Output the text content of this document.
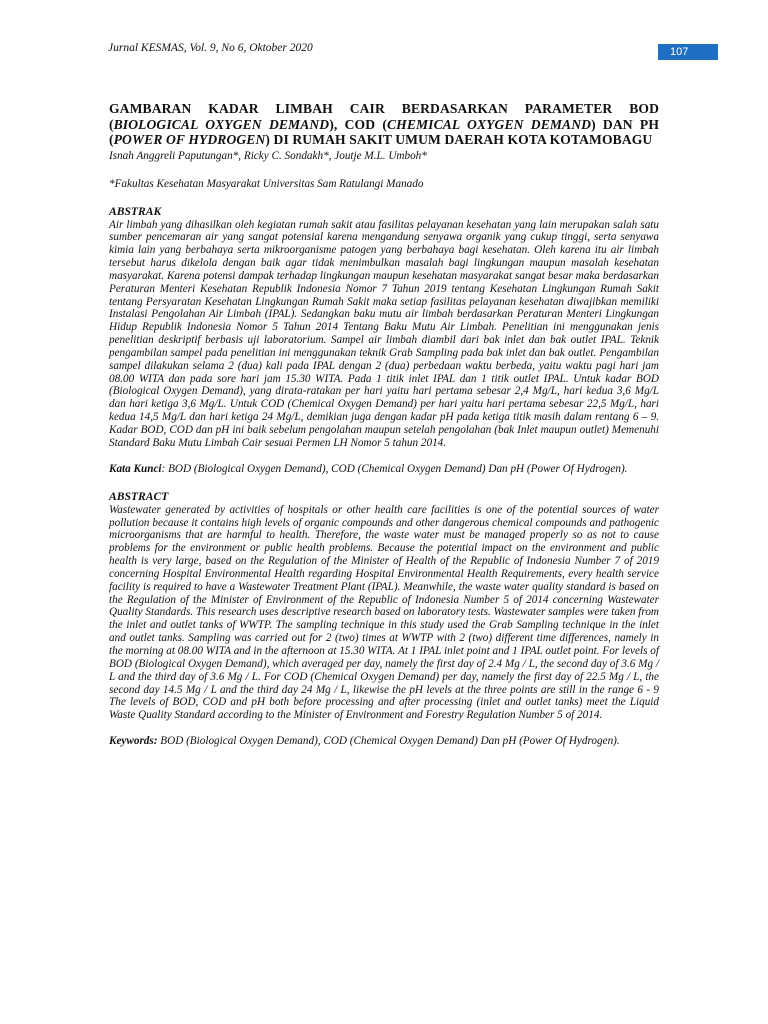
Jurnal KESMAS, Vol. 9, No 6, Oktober 2020	107
GAMBARAN KADAR LIMBAH CAIR BERDASARKAN PARAMETER BOD (BIOLOGICAL OXYGEN DEMAND), COD (CHEMICAL OXYGEN DEMAND) DAN PH (POWER OF HYDROGEN) DI RUMAH SAKIT UMUM DAERAH KOTA KOTAMOBAGU

Isnah Anggreli Paputungan*, Ricky C. Sondakh*, Joutje M.L. Umboh*

*Fakultas Kesehatan Masyarakat Universitas Sam Ratulangi Manado

ABSTRAK

Air limbah yang dihasilkan oleh kegiatan rumah sakit atau fasilitas pelayanan kesehatan yang lain merupakan salah satu sumber pencemaran air yang sangat potensial karena mengandung senyawa organik yang cukup tinggi, serta senyawa kimia lain yang berbahaya serta mikroorganisme patogen yang berbahaya bagi kesehatan. Oleh karena itu air limbah tersebut harus dikelola dengan baik agar tidak menimbulkan masalah bagi lingkungan maupun masalah kesehatan masyarakat. Karena potensi dampak terhadap lingkungan maupun kesehatan masyarakat sangat besar maka berdasarkan Peraturan Menteri Kesehatan Republik Indonesia Nomor 7 Tahun 2019 tentang Kesehatan Lingkungan Rumah Sakit tentang Persyaratan Kesehatan Lingkungan Rumah Sakit maka setiap fasilitas pelayanan kesehatan diwajibkan memiliki Instalasi Pengolahan Air Limbah (IPAL). Sedangkan baku mutu air limbah berdasarkan Peraturan Menteri Lingkungan Hidup Republik Indonesia Nomor 5 Tahun 2014 Tentang Baku Mutu Air Limbah. Penelitian ini menggunakan jenis penelitian deskriptif berbasis uji laboratorium. Sampel air limbah diambil dari bak inlet dan bak outlet IPAL. Teknik pengambilan sampel pada penelitian ini menggunakan teknik Grab Sampling pada bak inlet dan bak outlet. Pengambilan sampel dilakukan selama 2 (dua) kali pada IPAL dengan 2 (dua) perbedaan waktu berbeda, yaitu waktu pagi hari jam 08.00 WITA dan pada sore hari jam 15.30 WITA. Pada 1 titik inlet IPAL dan 1 titik outlet IPAL. Untuk kadar BOD (Biological Oxygen Demand), yang dirata-ratakan per hari yaitu hari pertama sebesar 2,4 Mg/L, hari kedua 3,6 Mg/L dan hari ketiga 3,6 Mg/L. Untuk COD (Chemical Oxygen Demand) per hari yaitu hari pertama sebesar 22,5 Mg/L, hari kedua 14,5 Mg/L dan hari ketiga 24 Mg/L, demikian juga dengan kadar pH pada ketiga titik masih dalam rentang 6 – 9. Kadar BOD, COD dan pH ini baik sebelum pengolahan maupun setelah pengolahan (bak Inlet maupun outlet) Memenuhi Standard Baku Mutu Limbah Cair sesuai Permen LH Nomor 5 tahun 2014.

Kata Kunci: BOD (Biological Oxygen Demand), COD (Chemical Oxygen Demand) Dan pH (Power Of Hydrogen).

ABSTRACT

Wastewater generated by activities of hospitals or other health care facilities is one of the potential sources of water pollution because it contains high levels of organic compounds and other dangerous chemical compounds and pathogenic microorganisms that are harmful to health. Therefore, the waste water must be managed properly so as not to cause problems for the environment or public health problems. Because the potential impact on the environment and public health is very large, based on the Regulation of the Minister of Health of the Republic of Indonesia Number 7 of 2019 concerning Hospital Environmental Health regarding Hospital Environmental Health Requirements, every health service facility is required to have a Wastewater Treatment Plant (IPAL). Meanwhile, the waste water quality standard is based on the Regulation of the Minister of Environment of the Republic of Indonesia Number 5 of 2014 concerning Wastewater Quality Standards. This research uses descriptive research based on laboratory tests. Wastewater samples were taken from the inlet and outlet tanks of WWTP. The sampling technique in this study used the Grab Sampling technique in the inlet and outlet tanks. Sampling was carried out for 2 (two) times at WWTP with 2 (two) different time differences, namely in the morning at 08.00 WITA and in the afternoon at 15.30 WITA. At 1 IPAL inlet point and 1 IPAL outlet point. For levels of BOD (Biological Oxygen Demand), which averaged per day, namely the first day of 2.4 Mg / L, the second day of 3.6 Mg / L and the third day of 3.6 Mg / L. For COD (Chemical Oxygen Demand) per day, namely the first day of 22.5 Mg / L, the second day 14.5 Mg / L and the third day 24 Mg / L, likewise the pH levels at the three points are still in the range 6 - 9 The levels of BOD, COD and pH both before processing and after processing (inlet and outlet tanks) meet the Liquid Waste Quality Standard according to the Minister of Environment and Forestry Regulation Number 5 of 2014.

Keywords: BOD (Biological Oxygen Demand), COD (Chemical Oxygen Demand) Dan pH (Power Of Hydrogen).
